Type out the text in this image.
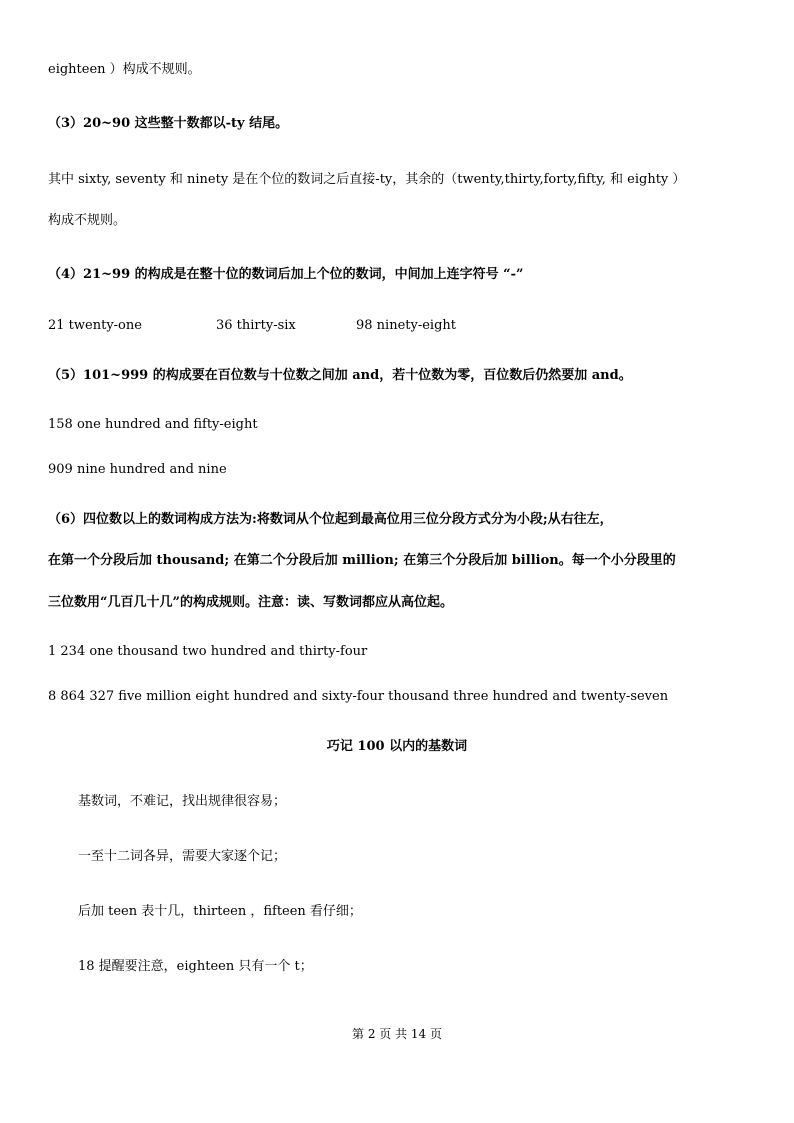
eighteen ）构成不规则。
（3）20~90 这些整十数都以-ty 结尾。
其中 sixty, seventy 和 ninety 是在个位的数词之后直接-ty，其余的（twenty,thirty,forty,fifty, 和 eighty ）
构成不规则。
（4）21~99 的构成是在整十位的数词后加上个位的数词，中间加上连字符号 “-”
21 twenty-one	36 thirty-six	98 ninety-eight
（5）101~999 的构成要在百位数与十位数之间加 and，若十位数为零，百位数后仍然要加 and。
158 one hundred and fifty-eight
909 nine hundred and nine
（6）四位数以上的数词构成方法为:将数词从个位起到最高位用三位分段方式分为小段;从右往左，
在第一个分段后加 thousand; 在第二个分段后加 million; 在第三个分段后加 billion。每一个小分段里的
三位数用“几百几十几”的构成规则。注意：读、写数词都应从高位起。
1 234 one thousand two hundred and thirty-four
8 864 327 five million eight hundred and sixty-four thousand three hundred and twenty-seven
巧记 100 以内的基数词
基数词，不难记，找出规律很容易；
一至十二词各异，需要大家逐个记；
后加 teen 表十几，thirteen ，fifteen 看仔细；
18 提醒要注意，eighteen 只有一个 t；
第 2 页 共 14 页
